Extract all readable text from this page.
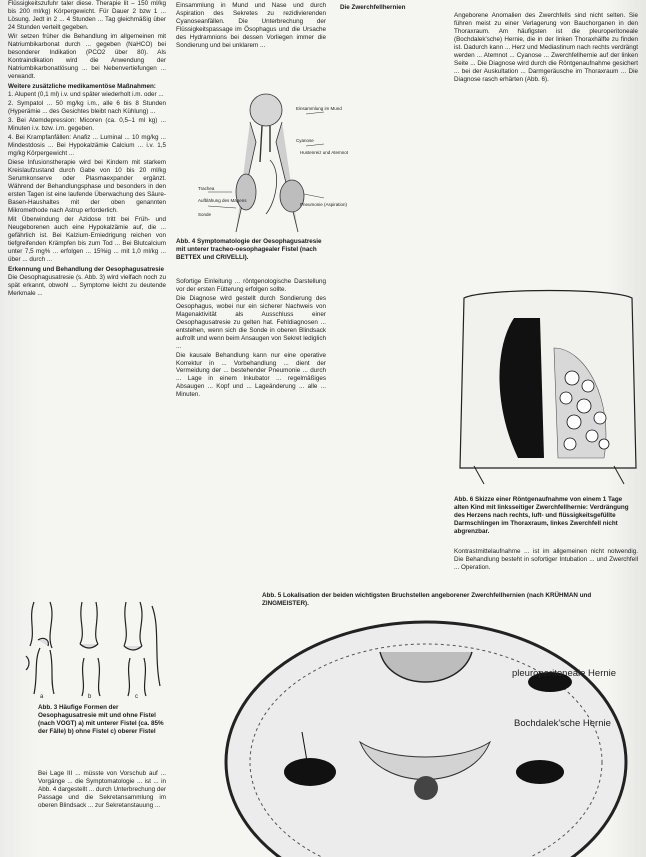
Flüssigkeitszufuhr taler diese. Therapie lit – 150 ml/kg bis 200 ml/kg) Körpergewicht. Für Dauer 2 bzw 1 ... Lösung. Jedt in 2 ... 4 Stunden ... Tag gleichmäßig über 24 Stunden verteilt gegeben.

Wir setzen früher die Behandlung im allgemeinen mit Natriumbikarbonat durch ... gegeben (NaHCO) bei besonderer Indikation (PCO2 über 80). Als Kontraindikation wird die Anwendung der Natriumbikarbonatlösung ... bei Nebenvertiefungen ... verwandt.

Weitere zusätzliche medikamentöse Maßnahmen:

1. Alupent (0,1 ml) i.v. und später wiederholt i.m. oder ...

2. Sympatol ... 50 mg/kg i.m., alle 6 bis 8 Stunden (Hyperämie ... des Gesichtes bleibt nach Kühlung) ...

3. Bei Atemdepression: Micoren (ca. 0,5–1 ml kg) ... Minuten i.v. bzw. i.m. gegeben.

4. Bei Krampfanfällen: Anafiz ... Luminal ... 10 mg/kg ... Mindestdosis ... Bei Hypokalzämie Calcium ... i.v. 1,5 mg/kg Körpergewicht ...

Diese Infusionstherapie wird bei Kindern mit starkem Kreislaufzustand durch Gabe von 10 bis 20 ml/kg Serumkonserve oder Plasmaexpander ergänzt. Während der Behandlungsphase und besonders in den ersten Tagen ist eine laufende Überwachung des Säure-Basen-Haushaltes mit der oben genannten Mikromethode nach Astrup erforderlich.

Mit Überwindung der Azidose tritt bei Früh- und Neugeborenen auch eine Hypokalzämie auf, die ... gefährlich ist. Bei Kalzium-Erniedrigung reichen von tiefgreifenden Krämpfen bis zum Tod ... Bei Blutcalcium unter 7,5 mg% ... erfolgen ... 15%ig ... mit 1,0 ml/kg ... über ... durch ...

Erkennung und Behandlung der Oesophagusatresie

Die Oesophagusatresie (s. Abb. 3) wird vielfach noch zu spät erkannt, obwohl ... Symptome leicht zu deutende Merkmale ...

a	b	c
Abb. 3 Häufige Formen der Oesophagusatresie mit und ohne Fistel (nach VOGT) a) mit unterer Fistel (ca. 85% der Fälle) b) ohne Fistel c) oberer Fistel

Bei Lage III ... müsste von Vorschub auf ... Vorgänge ... die Symptomatologie ... ist ... in Abb. 4 dargestellt ... durch Unterbrechung der Passage und die Sekretansammlung im oberen Blindsack ... zur Sekretanstauung ...

Einsammlung in Mund und Nase und durch Aspiration des Sekretes zu rezidivierenden Cyanoseanfällen. Die Unterbrechung der Flüssigkeitspassage im Ösophagus und die Ursache des Hydramnions bei dessen Vorliegen immer die Sondierung und bei unklarem ...

Einsammlung im Mund
Cyanose
Hustenreiz und Atemnot
Trachea
Aufblähung des Magens
Pneumonie (Aspiration)
Sonde
Abb. 4 Symptomatologie der Oesophagusatresie mit unterer tracheo-oesophagealer Fistel (nach BETTEX und CRIVELLI).

Sofortige Einleitung ... röntgenologische Darstellung vor der ersten Fütterung erfolgen sollte.

Die Diagnose wird gestellt durch Sondierung des Oesophagus, wobei nur ein sicherer Nachweis von Magenaktivität als Ausschluss einer Oesophagusatresie zu gelten hat. Fehldiagnosen ... entstehen, wenn sich die Sonde in oberen Blindsack aufrollt und wenn beim Ansaugen von Sekret lediglich ...

Die kausale Behandlung kann nur eine operative Korrektur in ... Vorbehandlung ... dient der Vermeidung der ... bestehender Pneumonie ... durch ... Lage in einem Inkubator ... regelmäßiges Absaugen ... Kopf und ... Lageänderung ... alle ... Minuten.

Die Zwerchfellhernien

Angeborene Anomalien des Zwerchfells sind nicht selten. Sie führen meist zu einer Verlagerung von Bauchorganen in den Thoraxraum. Am häufigsten ist die pleuroperitoneale (Bochdalek'sche) Hernie, die in der linken Thoraxhälfte zu finden ist. Dadurch kann ... Herz und Mediastinum nach rechts verdrängt werden ... Atemnot ... Cyanose ... Zwerchfellhernie auf der linken Seite ... Die Diagnose wird durch die Röntgenaufnahme gesichert ... bei der Auskultation ... Darmgeräusche im Thoraxraum ... Die Diagnose rasch erhärten (Abb. 6).

Abb. 6 Skizze einer Röntgenaufnahme von einem 1 Tage alten Kind mit linksseitiger Zwerchfellhernie: Verdrängung des Herzens nach rechts, luft- und flüssigkeitsgefüllte Darmschlingen im Thoraxraum, linkes Zwerchfell nicht abgrenzbar.

Kontrastmittelaufnahme ... ist im allgemeinen nicht notwendig. Die Behandlung besteht in sofortiger Intubation ... und Zwerchfell ... Operation.

Abb. 5 Lokalisation der beiden wichtigsten Bruchstellen angeborener Zwerchfellhernien (nach KRÜHMAN und ZINGMEISTER).
pleuroperitoneale Hernie
Bochdalek'sche Hernie
